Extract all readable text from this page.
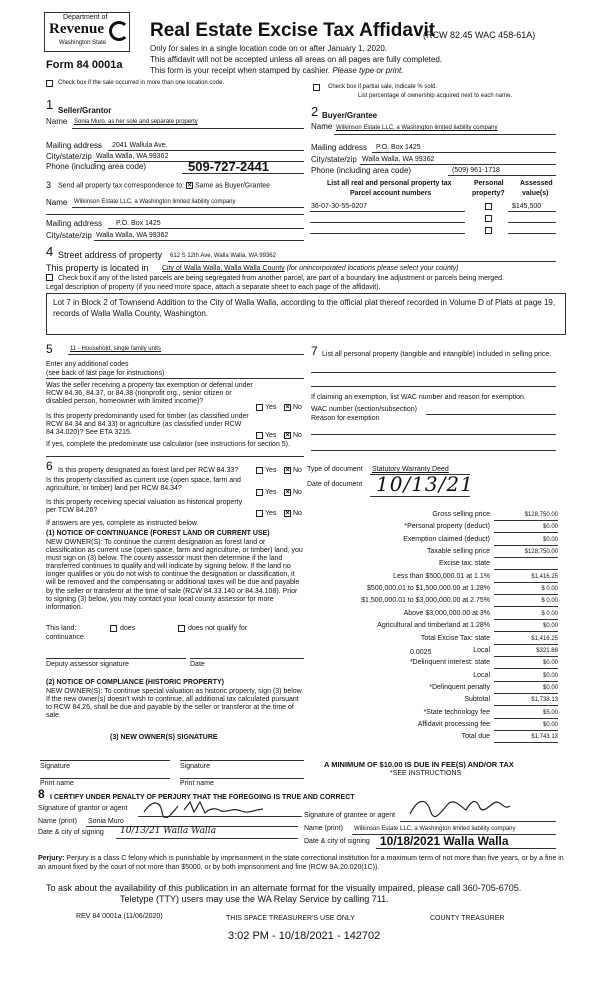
Department of
Revenue
Washington State
Form 84 0001a
Real Estate Excise Tax Affidavit
(RCW 82.45 WAC 458-61A)
Only for sales in a single location code on or after January 1, 2020.
This affidavit will not be accepted unless all areas on all pages are fully completed.
This form is your receipt when stamped by cashier. Please type or print.
Check box if the sale occurred in more than one location code.
Check box if partial sale, indicate % sold.
List percentage of ownership acquired next to each name.
1 Seller/Grantor
Name Sonia Muro, as her sole and separate property
Mailing address 2041 Wallula Ave.
City/state/zip Walla Walla, WA 99362
Phone (including area code)	509-727-2441
2 Buyer/Grantee
Name Wilkinson Estate LLC, a Washington limited liability company
Mailing address P.O. Box 1425
City/state/zip Walla Walla, WA 99362
Phone (including area code)	(509) 961-1718
3 Send all property tax correspondence to: × Same as Buyer/Grantee
Name Wilkinson Estate LLC, a Washington limited liability company
Mailing address P.O. Box 1425
City/state/zip Walla Walla, WA 99362
List all real and personal property tax
Parcel account numbers
Personal
property?
Assessed
value(s)
36-07-30-55-0207	$145,500
4 Street address of property 612 S 12th Ave, Walla Walla, WA 99362
This property is located in City of Walla Walla, Walla Walla County (for unincorporated locations please select your county)
Check box if any of the listed parcels are being segregated from another parcel, are part of a boundary line adjustment or parcels being merged.
Legal description of property (if you need more space, attach a separate sheet to each page of the affidavit).
Lot 7 in Block 2 of Townsend Addition to the City of Walla Walla, according to the official plat thereof recorded in Volume D of Plats at page 19, records of Walla Walla County, Washington.
5	11 - Household, single family units
Enter any additional codes
(see back of last page for instructions)
Was the seller receiving a property tax exemption or deferral under RCW 84.36, 84.37, or 84.38 (nonprofit org., senior citizen or disabled person, homeowner with limited income)?
Yes × No
Is this property predominantly used for timber (as classified under RCW 84.34 and 84.33) or agriculture (as classified under RCW 84.34.020)? See ETA 3215.	Yes × No
If yes, complete the predominate use calculator (see instructions for section 5).
7 List all personal property (tangible and intangible) included in selling price.
If claiming an exemption, list WAC number and reason for exemption.
WAC number (section/subsection)
Reason for exemption
6 Is this property designated as forest land per RCW 84.33?	Yes × No
Is this property classified as current use (open space, farm and agriculture, or timber) land per RCW 84.34?
Yes × No
Is this property receiving special valuation as historical property per TCW 84.26?	Yes × No
If answers are yes, complete as instructed below.
(1) NOTICE OF CONTINUANCE (FOREST LAND OR CURRENT USE)
NEW OWNER(S): To continue the current designation as forest land or classification as current use (open space, farm and agriculture, or timber) land, you must sign on (3) below. The county assessor must then determine if the land transferred continues to qualify and will indicate by signing below. If the land no longer qualifies or you do not wish to continue the designation or classification, it will be removed and the compensating or additional taxes will be due and payable by the seller or transferor at the time of sale (RCW 84.33.140 or 84.34.108). Prior to signing (3) below, you may contact your local county assessor for more information.
This land:	does	does not qualify for
continuance.
Deputy assessor signature	Date
(2) NOTICE OF COMPLIANCE (HISTORIC PROPERTY)
NEW OWNER(S): To continue special valuation as historic property, sign (3) below. If the new owner(s) doesn't wish to continue, all additional tax calculated pursuant to RCW 84.26, shall be due and payable by the seller or transferor at the time of sale.
(3) NEW OWNER(S) SIGNATURE
Signature	Signature
Print name	Print name
Type of document Statutory Warranty Deed
Date of document 10/13/21
Gross selling price	$128,750.00
*Personal property (deduct)	$0.00
Exemption claimed (deduct)	$0.00
Taxable selling price	$128,750.00
Excise tax: state
Less than $500,000.01 at 1.1%	$1,416.25
$500,000.01 to $1,500,000.00 at 1.28%	$ 0.00
$1,500,000.01 to $3,000,000.00 at 2.75%	$ 0.00
Above $3,000,000.00 at 3%	$ 0.00
Agricultural and timberland at 1.28%	$0.00
Total Excise Tax: state	$1,416.25
Local	$321.88
*Delinquent interest: state	$0.00
Local	$0.00
*Delinquent penalty	$0.00
Subtotal	$1,738.13
*State technology fee	$5.00
Affidavit processing fee	$0.00
Total due	$1,743.13
0.0025
A MINIMUM OF $10.00 IS DUE IN FEE(S) AND/OR TAX
*SEE INSTRUCTIONS
8 I CERTIFY UNDER PENALTY OF PERJURY THAT THE FOREGOING IS TRUE AND CORRECT
Signature of grantor or agent
Signature of grantee or agent
Name (print) Sonia Muro
Name (print) Wilkinson Estate LLC, a Washington limited liability company
Date & city of signing 10/13/21 Walla Walla
Date & city of signing 10/18/2021 Walla Walla
Perjury: Perjury is a class C felony which is punishable by imprisonment in the state correctional institution for a maximum term of not more than five years, or by a fine in an amount fixed by the court of not more than $5000, or by both imprisonment and fine (RCW 9A.20.020(1C)).
To ask about the availability of this publication in an alternate format for the visually impaired, please call 360-705-6705.
Teletype (TTY) users may use the WA Relay Service by calling 711.
REV 84 0001a (11/06/2020)	THIS SPACE TREASURER'S USE ONLY	COUNTY TREASURER
3:02 PM - 10/18/2021 - 142702
